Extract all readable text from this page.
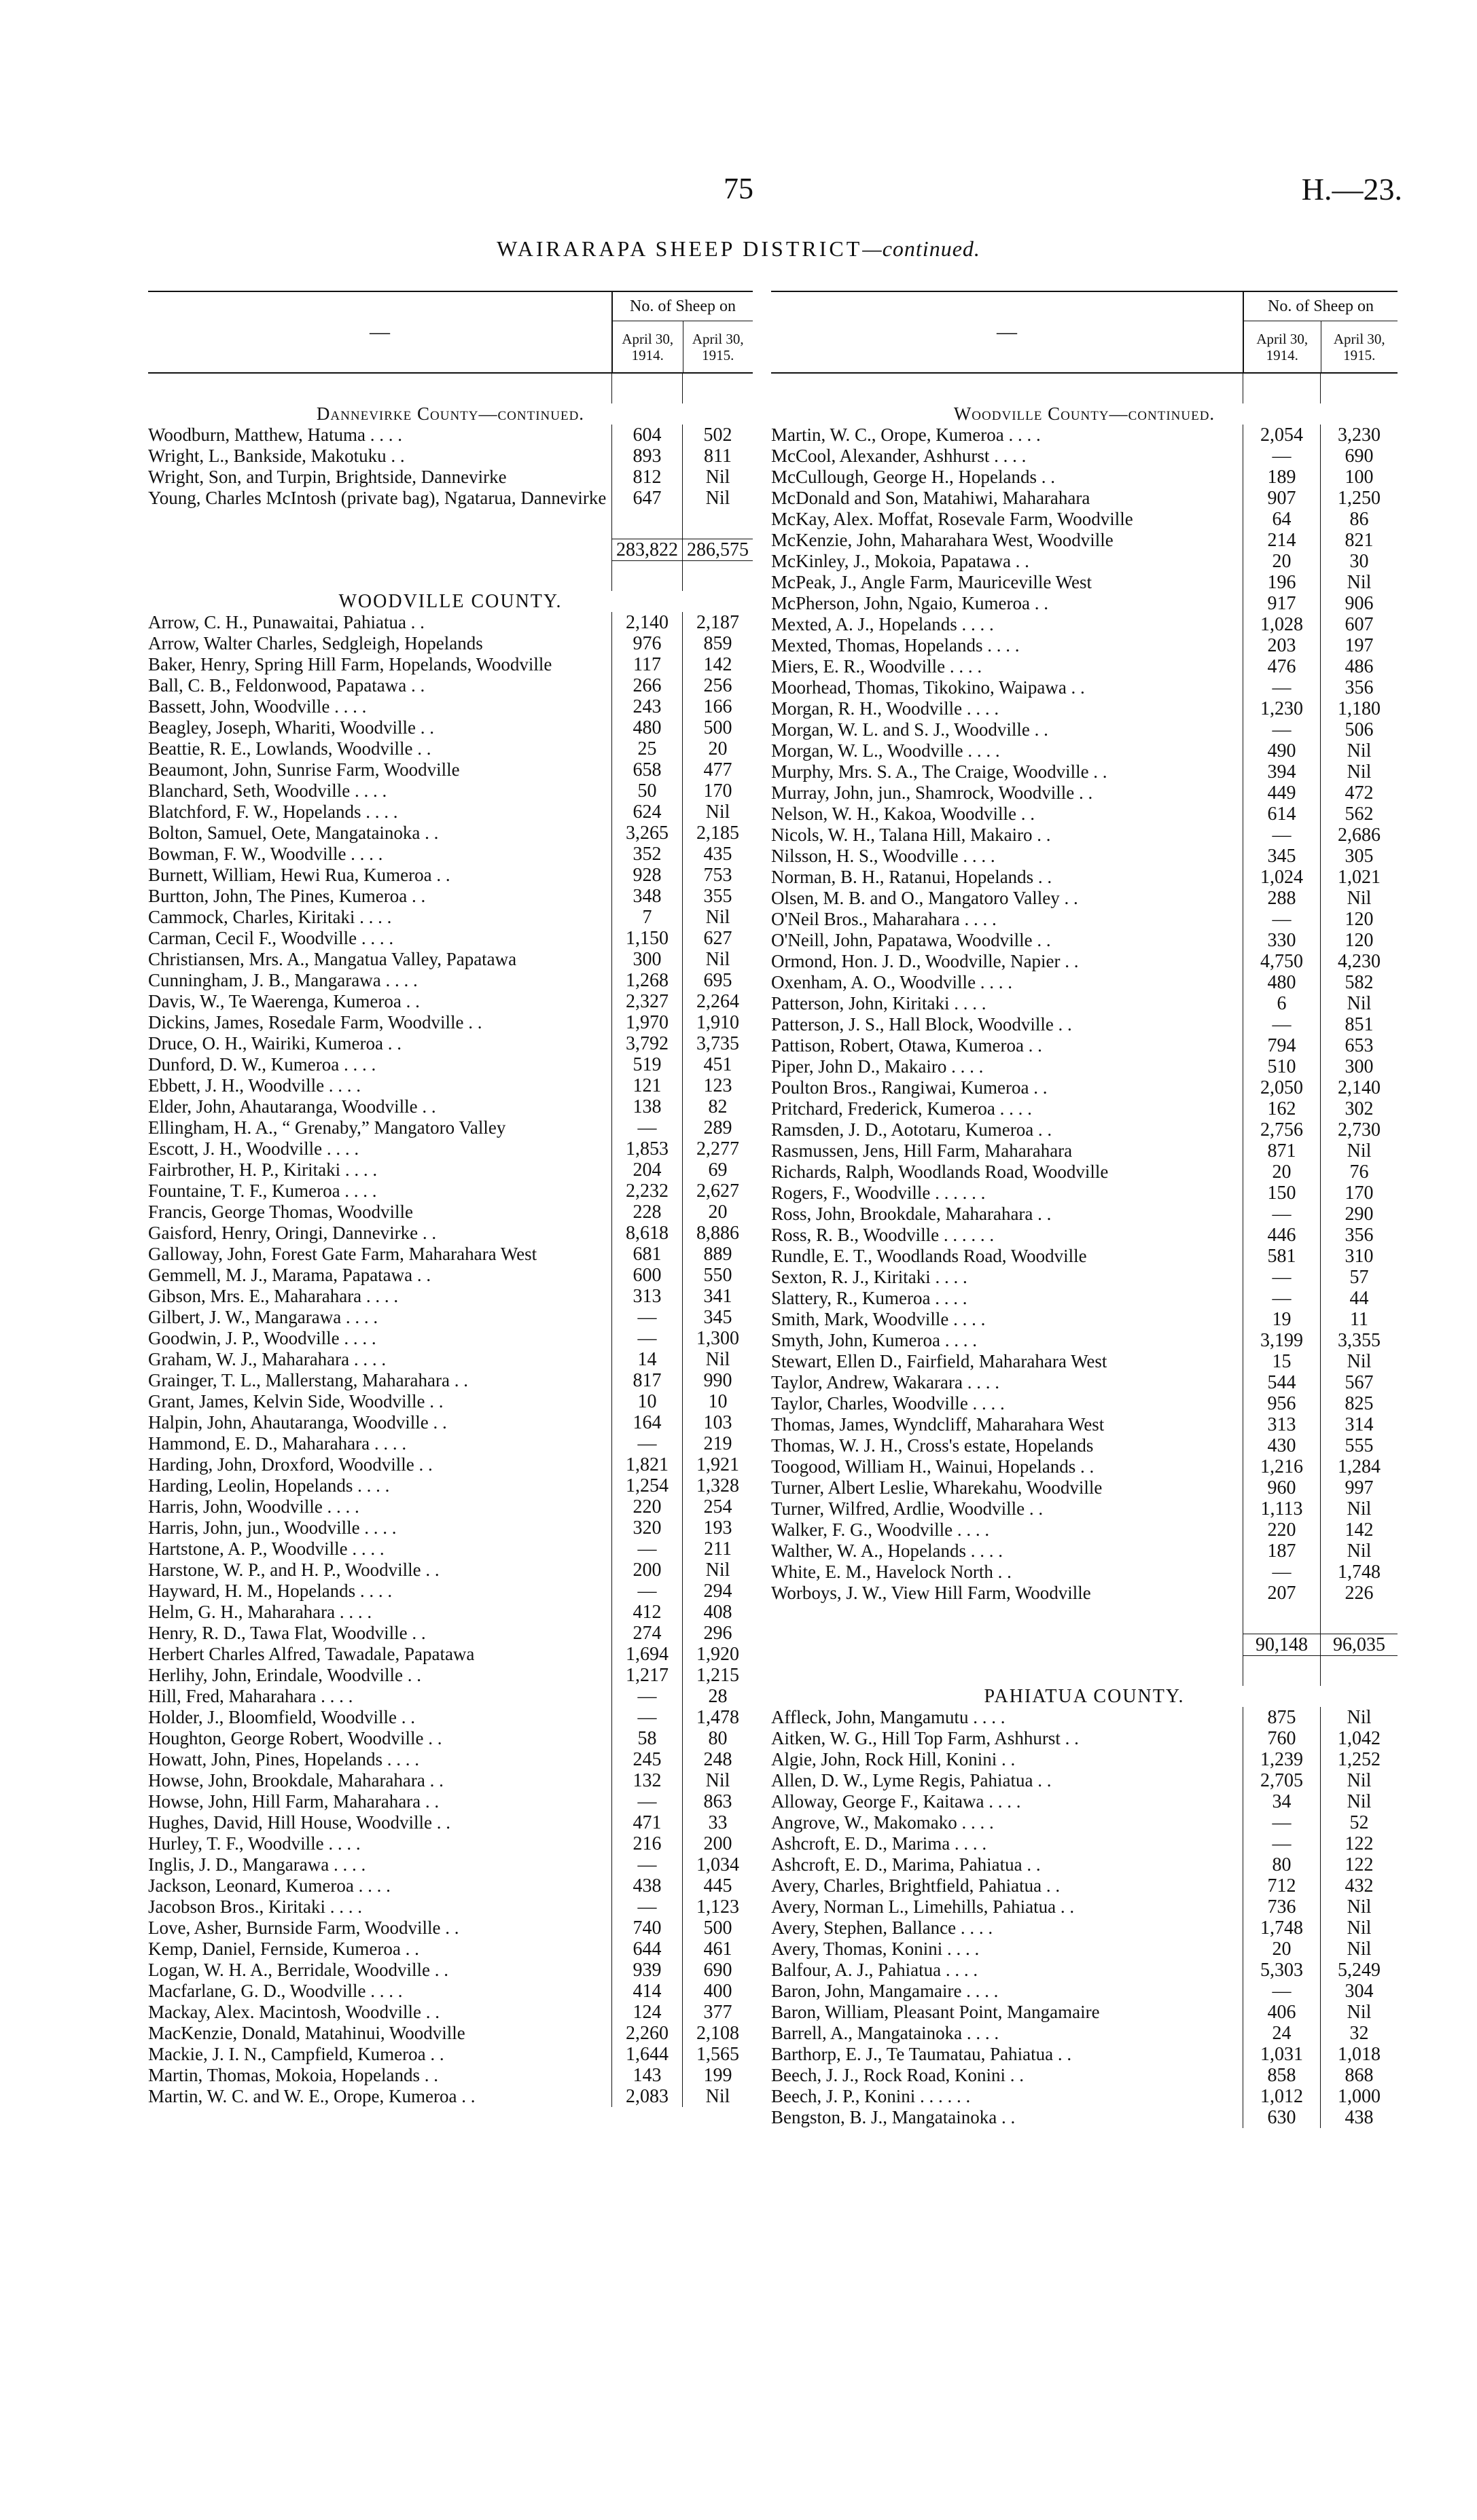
75	H.—23.
WAIRARAPA SHEEP DISTRICT—continued.
—
No. of Sheep on
April 30,
1914.
April 30,
1915.
Dannevirke County—continued.
Woodburn, Matthew, Hatuma . . . .	604	502
Wright, L., Bankside, Makotuku . .	893	811
Wright, Son, and Turpin, Brightside, Dannevirke	812	Nil
Young, Charles McIntosh (private bag), Ngatarua, Dannevirke	647	Nil
283,822 286,575
WOODVILLE COUNTY.
Arrow, C. H., Punawaitai, Pahiatua . .	2,140	2,187
Arrow, Walter Charles, Sedgleigh, Hopelands	976	859
Baker, Henry, Spring Hill Farm, Hopelands, Woodville	117	142
Ball, C. B., Feldonwood, Papatawa . .	266	256
Bassett, John, Woodville . . . .	243	166
Beagley, Joseph, Whariti, Woodville . .	480	500
Beattie, R. E., Lowlands, Woodville . .	25	20
Beaumont, John, Sunrise Farm, Woodville	658	477
Blanchard, Seth, Woodville . . . .	50	170
Blatchford, F. W., Hopelands . . . .	624	Nil
Bolton, Samuel, Oete, Mangatainoka . .	3,265	2,185
Bowman, F. W., Woodville . . . .	352	435
Burnett, William, Hewi Rua, Kumeroa . .	928	753
Burtton, John, The Pines, Kumeroa . .	348	355
Cammock, Charles, Kiritaki . . . .	7	Nil
Carman, Cecil F., Woodville . . . .	1,150	627
Christiansen, Mrs. A., Mangatua Valley, Papatawa	300	Nil
Cunningham, J. B., Mangarawa . . . .	1,268	695
Davis, W., Te Waerenga, Kumeroa . .	2,327	2,264
Dickins, James, Rosedale Farm, Woodville . .	1,970	1,910
Druce, O. H., Wairiki, Kumeroa . .	3,792	3,735
Dunford, D. W., Kumeroa . . . .	519	451
Ebbett, J. H., Woodville . . . .	121	123
Elder, John, Ahautaranga, Woodville . .	138	82
Ellingham, H. A., “ Grenaby,” Mangatoro Valley	—	289
Escott, J. H., Woodville . . . .	1,853	2,277
Fairbrother, H. P., Kiritaki . . . .	204	69
Fountaine, T. F., Kumeroa . . . .	2,232	2,627
Francis, George Thomas, Woodville	228	20
Gaisford, Henry, Oringi, Dannevirke . .	8,618	8,886
Galloway, John, Forest Gate Farm, Maharahara West	681	889
Gemmell, M. J., Marama, Papatawa . .	600	550
Gibson, Mrs. E., Maharahara . . . .	313	341
Gilbert, J. W., Mangarawa . . . .	—	345
Goodwin, J. P., Woodville . . . .	—	1,300
Graham, W. J., Maharahara . . . .	14	Nil
Grainger, T. L., Mallerstang, Maharahara . .	817	990
Grant, James, Kelvin Side, Woodville . .	10	10
Halpin, John, Ahautaranga, Woodville . .	164	103
Hammond, E. D., Maharahara . . . .	—	219
Harding, John, Droxford, Woodville . .	1,821	1,921
Harding, Leolin, Hopelands . . . .	1,254	1,328
Harris, John, Woodville . . . .	220	254
Harris, John, jun., Woodville . . . .	320	193
Hartstone, A. P., Woodville . . . .	—	211
Harstone, W. P., and H. P., Woodville . .	200	Nil
Hayward, H. M., Hopelands . . . .	—	294
Helm, G. H., Maharahara . . . .	412	408
Henry, R. D., Tawa Flat, Woodville . .	274	296
Herbert Charles Alfred, Tawadale, Papatawa	1,694	1,920
Herlihy, John, Erindale, Woodville . .	1,217	1,215
Hill, Fred, Maharahara . . . .	—	28
Holder, J., Bloomfield, Woodville . .	—	1,478
Houghton, George Robert, Woodville . .	58	80
Howatt, John, Pines, Hopelands . . . .	245	248
Howse, John, Brookdale, Maharahara . .	132	Nil
Howse, John, Hill Farm, Maharahara . .	—	863
Hughes, David, Hill House, Woodville . .	471	33
Hurley, T. F., Woodville . . . .	216	200
Inglis, J. D., Mangarawa . . . .	—	1,034
Jackson, Leonard, Kumeroa . . . .	438	445
Jacobson Bros., Kiritaki . . . .	—	1,123
Love, Asher, Burnside Farm, Woodville . .	740	500
Kemp, Daniel, Fernside, Kumeroa . .	644	461
Logan, W. H. A., Berridale, Woodville . .	939	690
Macfarlane, G. D., Woodville . . . .	414	400
Mackay, Alex. Macintosh, Woodville . .	124	377
MacKenzie, Donald, Matahinui, Woodville	2,260	2,108
Mackie, J. I. N., Campfield, Kumeroa . .	1,644	1,565
Martin, Thomas, Mokoia, Hopelands . .	143	199
Martin, W. C. and W. E., Orope, Kumeroa . .	2,083	Nil
—
No. of Sheep on
April 30,
1914.
April 30,
1915.
Woodville County—continued.
Martin, W. C., Orope, Kumeroa . . . .	2,054	3,230
McCool, Alexander, Ashhurst . . . .	—	690
McCullough, George H., Hopelands . .	189	100
McDonald and Son, Matahiwi, Maharahara	907	1,250
McKay, Alex. Moffat, Rosevale Farm, Woodville	64	86
McKenzie, John, Maharahara West, Woodville	214	821
McKinley, J., Mokoia, Papatawa . .	20	30
McPeak, J., Angle Farm, Mauriceville West	196	Nil
McPherson, John, Ngaio, Kumeroa . .	917	906
Mexted, A. J., Hopelands . . . .	1,028	607
Mexted, Thomas, Hopelands . . . .	203	197
Miers, E. R., Woodville . . . .	476	486
Moorhead, Thomas, Tikokino, Waipawa . .	—	356
Morgan, R. H., Woodville . . . .	1,230	1,180
Morgan, W. L. and S. J., Woodville . .	—	506
Morgan, W. L., Woodville . . . .	490	Nil
Murphy, Mrs. S. A., The Craige, Woodville . .	394	Nil
Murray, John, jun., Shamrock, Woodville . .	449	472
Nelson, W. H., Kakoa, Woodville . .	614	562
Nicols, W. H., Talana Hill, Makairo . .	—	2,686
Nilsson, H. S., Woodville . . . .	345	305
Norman, B. H., Ratanui, Hopelands . .	1,024	1,021
Olsen, M. B. and O., Mangatoro Valley . .	288	Nil
O'Neil Bros., Maharahara . . . .	—	120
O'Neill, John, Papatawa, Woodville . .	330	120
Ormond, Hon. J. D., Woodville, Napier . .	4,750	4,230
Oxenham, A. O., Woodville . . . .	480	582
Patterson, John, Kiritaki . . . .	6	Nil
Patterson, J. S., Hall Block, Woodville . .	—	851
Pattison, Robert, Otawa, Kumeroa . .	794	653
Piper, John D., Makairo . . . .	510	300
Poulton Bros., Rangiwai, Kumeroa . .	2,050	2,140
Pritchard, Frederick, Kumeroa . . . .	162	302
Ramsden, J. D., Aototaru, Kumeroa . .	2,756	2,730
Rasmussen, Jens, Hill Farm, Maharahara	871	Nil
Richards, Ralph, Woodlands Road, Woodville	20	76
Rogers, F., Woodville . . . . . .	150	170
Ross, John, Brookdale, Maharahara . .	—	290
Ross, R. B., Woodville . . . . . .	446	356
Rundle, E. T., Woodlands Road, Woodville	581	310
Sexton, R. J., Kiritaki . . . .	—	57
Slattery, R., Kumeroa . . . .	—	44
Smith, Mark, Woodville . . . .	19	11
Smyth, John, Kumeroa . . . .	3,199	3,355
Stewart, Ellen D., Fairfield, Maharahara West	15	Nil
Taylor, Andrew, Wakarara . . . .	544	567
Taylor, Charles, Woodville . . . .	956	825
Thomas, James, Wyndcliff, Maharahara West	313	314
Thomas, W. J. H., Cross's estate, Hopelands	430	555
Toogood, William H., Wainui, Hopelands . .	1,216	1,284
Turner, Albert Leslie, Wharekahu, Woodville	960	997
Turner, Wilfred, Ardlie, Woodville . .	1,113	Nil
Walker, F. G., Woodville . . . .	220	142
Walther, W. A., Hopelands . . . .	187	Nil
White, E. M., Havelock North . .	—	1,748
Worboys, J. W., View Hill Farm, Woodville	207	226
90,148	96,035
PAHIATUA COUNTY.
Affleck, John, Mangamutu . . . .	875	Nil
Aitken, W. G., Hill Top Farm, Ashhurst . .	760	1,042
Algie, John, Rock Hill, Konini . .	1,239	1,252
Allen, D. W., Lyme Regis, Pahiatua . .	2,705	Nil
Alloway, George F., Kaitawa . . . .	34	Nil
Angrove, W., Makomako . . . .	—	52
Ashcroft, E. D., Marima . . . .	—	122
Ashcroft, E. D., Marima, Pahiatua . .	80	122
Avery, Charles, Brightfield, Pahiatua . .	712	432
Avery, Norman L., Limehills, Pahiatua . .	736	Nil
Avery, Stephen, Ballance . . . .	1,748	Nil
Avery, Thomas, Konini . . . .	20	Nil
Balfour, A. J., Pahiatua . . . .	5,303	5,249
Baron, John, Mangamaire . . . .	—	304
Baron, William, Pleasant Point, Mangamaire	406	Nil
Barrell, A., Mangatainoka . . . .	24	32
Barthorp, E. J., Te Taumatau, Pahiatua . .	1,031	1,018
Beech, J. J., Rock Road, Konini . .	858	868
Beech, J. P., Konini . . . . . .	1,012	1,000
Bengston, B. J., Mangatainoka . .	630	438
